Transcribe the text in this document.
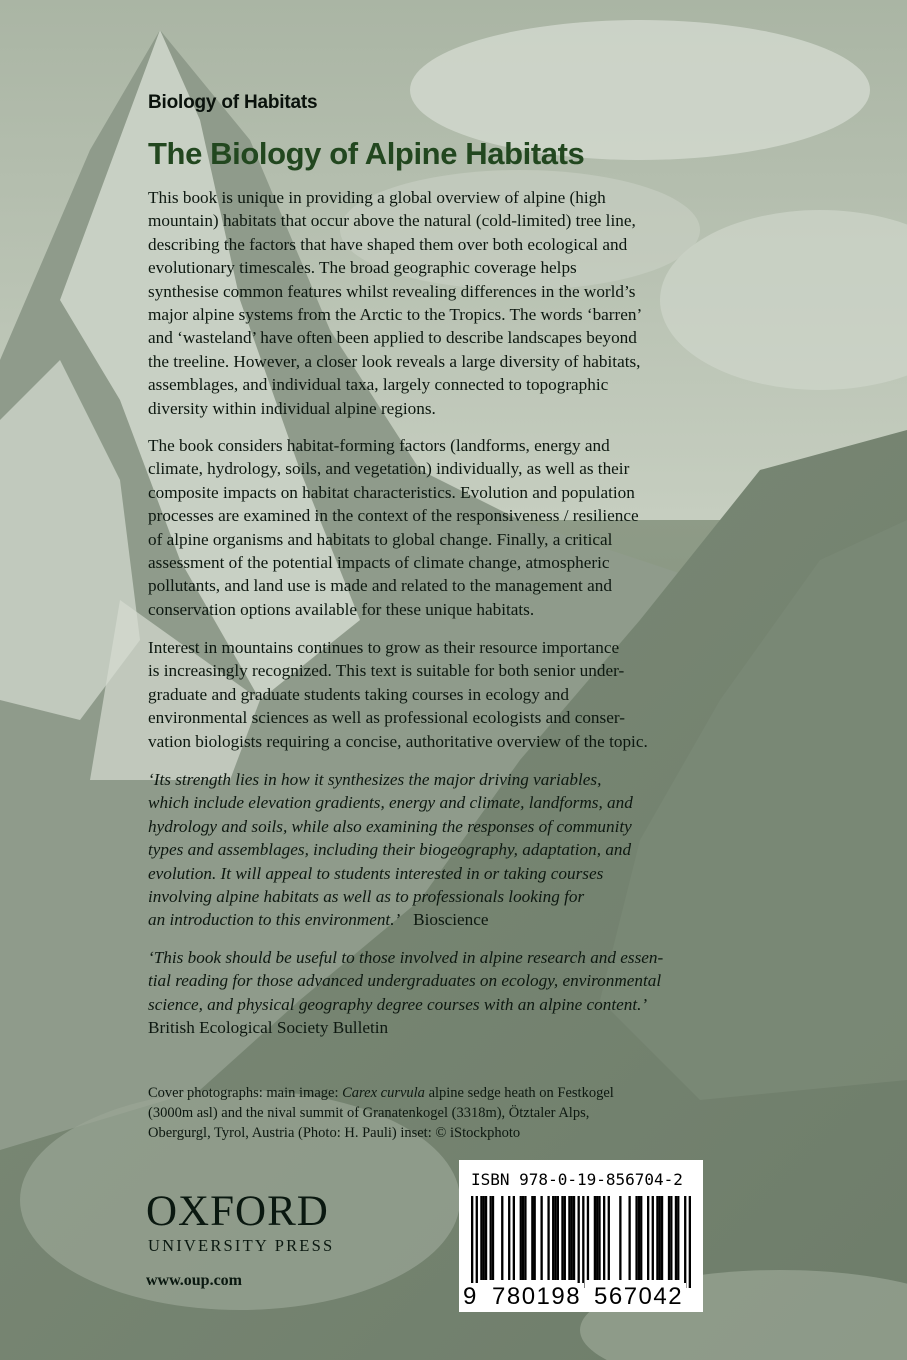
Biology of Habitats
The Biology of Alpine Habitats

This book is unique in providing a global overview of alpine (high
mountain) habitats that occur above the natural (cold-limited) tree line,
describing the factors that have shaped them over both ecological and
evolutionary timescales. The broad geographic coverage helps
synthesise common features whilst revealing differences in the world’s
major alpine systems from the Arctic to the Tropics. The words ‘barren’
and ‘wasteland’ have often been applied to describe landscapes beyond
the treeline. However, a closer look reveals a large diversity of habitats,
assemblages, and individual taxa, largely connected to topographic
diversity within individual alpine regions.

The book considers habitat-forming factors (landforms, energy and
climate, hydrology, soils, and vegetation) individually, as well as their
composite impacts on habitat characteristics. Evolution and population
processes are examined in the context of the responsiveness / resilience
of alpine organisms and habitats to global change. Finally, a critical
assessment of the potential impacts of climate change, atmospheric
pollutants, and land use is made and related to the management and
conservation options available for these unique habitats.

Interest in mountains continues to grow as their resource importance
is increasingly recognized. This text is suitable for both senior under-
graduate and graduate students taking courses in ecology and
environmental sciences as well as professional ecologists and conser-
vation biologists requiring a concise, authoritative overview of the topic.

‘Its strength lies in how it synthesizes the major driving variables,
which include elevation gradients, energy and climate, landforms, and
hydrology and soils, while also examining the responses of community
types and assemblages, including their biogeography, adaptation, and
evolution. It will appeal to students interested in or taking courses
involving alpine habitats as well as to professionals looking for
an introduction to this environment.’ Bioscience

‘This book should be useful to those involved in alpine research and essen-
tial reading for those advanced undergraduates on ecology, environmental
science, and physical geography degree courses with an alpine content.’
British Ecological Society Bulletin

Cover photographs: main image: Carex curvula alpine sedge heath on Festkogel
(3000m asl) and the nival summit of Granatenkogel (3318m), Ötztaler Alps,
Obergurgl, Tyrol, Austria (Photo: H. Pauli) inset: © iStockphoto

OXFORD
UNIVERSITY PRESS
www.oup.com
ISBN 978-0-19-856704-2
9 780198 567042
